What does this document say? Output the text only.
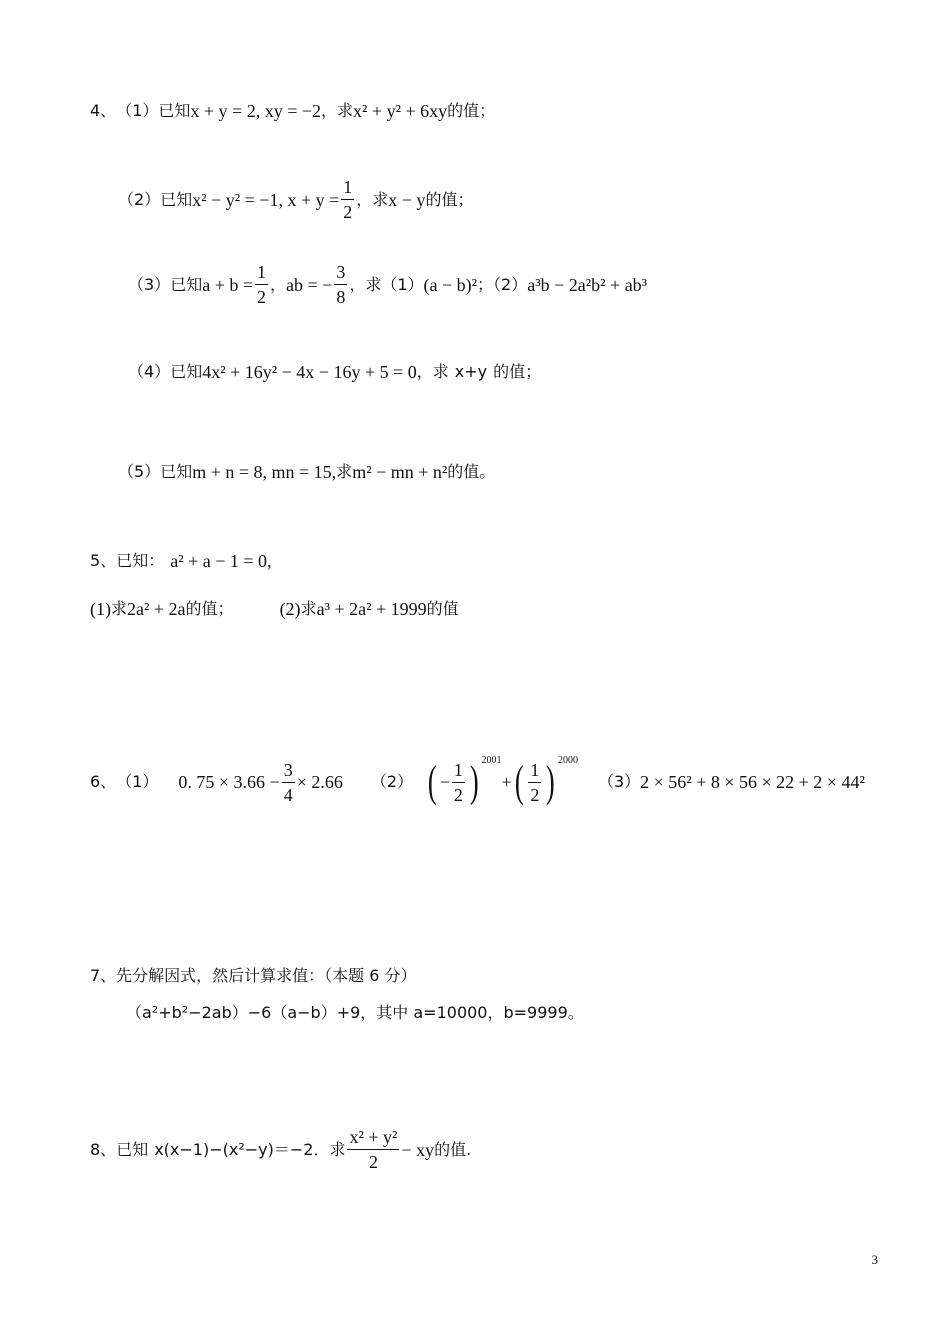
4、 （1） 已知 x + y = 2, xy = −2 ， 求 x² + y² + 6xy 的值；
（2） 已知 x² − y² = −1, $x + y = \frac{1}{2}$ ，求 x − y 的值；
（3） 已知 $a + b = \frac{1}{2}$ ， ab = − $\frac{3}{8}$ ，求（1） (a − b)² ；（2） a³b − 2a²b² + ab³
（4） 已知 4x² + 16y² − 4x − 16y + 5 = 0 ，求 x+y 的值；
（5） 已知 m + n = 8, mn = 15, 求 m² − mn + n² 的值。
5、 已知： a² + a − 1 = 0,
(1) 求 2a² + 2a 的值；	(2) 求 a³ + 2a² + 1999 的值
6、 （1） 0. $75 \times 3.66 - \frac{3}{4} \times 2.66$ （2） ( − $\frac{1}{2}$ ) 2001
+ ( $\frac{1}{2}$ ) 2000
（3） 2 × 56² + 8 × 56 × 22 + 2 × 44²
7、先分解因式，然后计算求值：（本题 6 分）
（a²+b²−2ab）−6（a−b）+9，其中 a=10000，b=9999。
8、 已知 x(x−1)−(x²−y)＝−2． 求 $\frac{\text{x² + y²}}{2}$ − xy 的值.
3
